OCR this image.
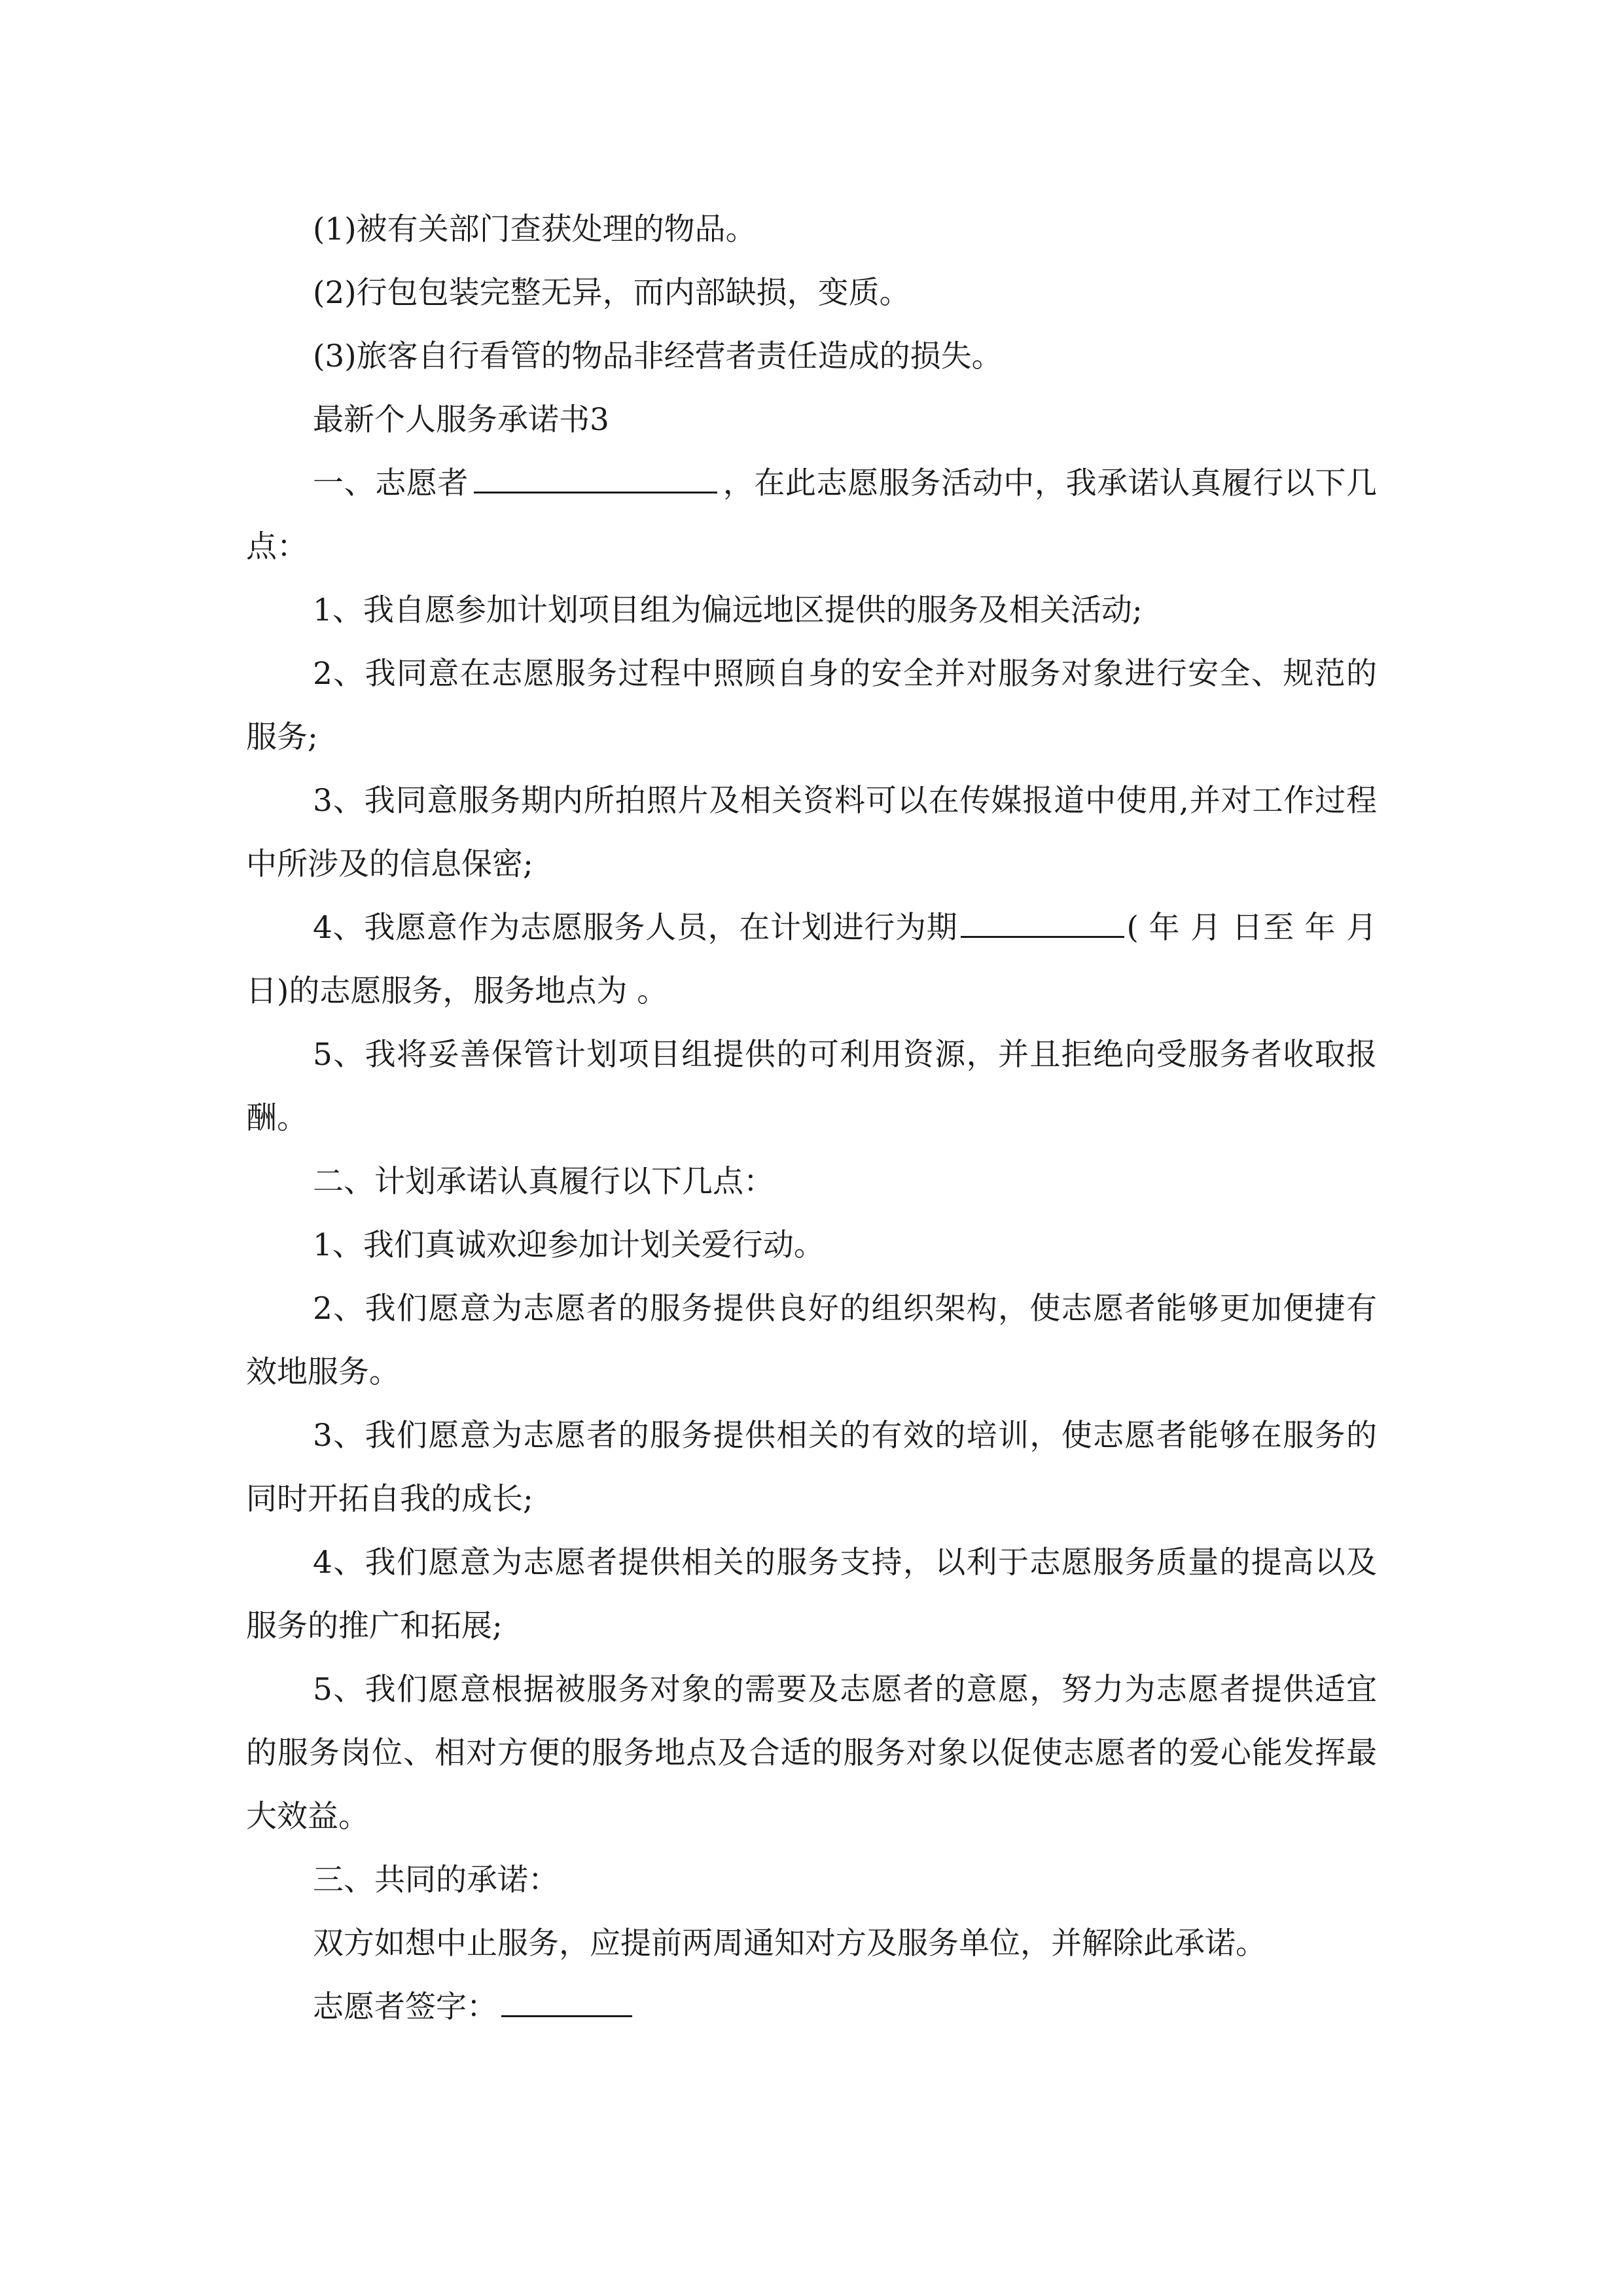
(1)被有关部门查获处理的物品。

(2)行包包装完整无异，而内部缺损，变质。

(3)旅客自行看管的物品非经营者责任造成的损失。

最新个人服务承诺书3

一、志愿者	，在此志愿服务活动中，我承诺认真履行以下几点：

1、我自愿参加计划项目组为偏远地区提供的服务及相关活动;

2、我同意在志愿服务过程中照顾自身的安全并对服务对象进行安全、规范的服务;

3、我同意服务期内所拍照片及相关资料可以在传媒报道中使用,并对工作过程中所涉及的信息保密;

4、我愿意作为志愿服务人员，在计划进行为期	( 年 月 日至 年 月 日)的志愿服务，服务地点为 。

5、我将妥善保管计划项目组提供的可利用资源，并且拒绝向受服务者收取报酬。

二、计划承诺认真履行以下几点：

1、我们真诚欢迎参加计划关爱行动。

2、我们愿意为志愿者的服务提供良好的组织架构，使志愿者能够更加便捷有效地服务。

3、我们愿意为志愿者的服务提供相关的有效的培训，使志愿者能够在服务的同时开拓自我的成长;

4、我们愿意为志愿者提供相关的服务支持，以利于志愿服务质量的提高以及服务的推广和拓展;

5、我们愿意根据被服务对象的需要及志愿者的意愿，努力为志愿者提供适宜的服务岗位、相对方便的服务地点及合适的服务对象以促使志愿者的爱心能发挥最大效益。

三、共同的承诺：

双方如想中止服务，应提前两周通知对方及服务单位，并解除此承诺。

志愿者签字：
